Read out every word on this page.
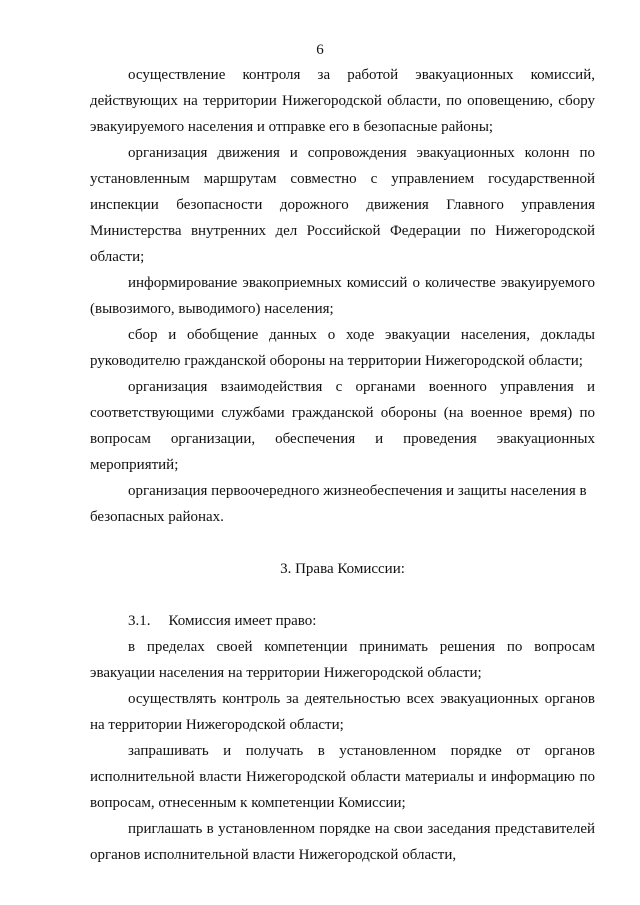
6

осуществление контроля за работой эвакуационных комиссий, действующих на территории Нижегородской области, по оповещению, сбору эвакуируемого населения и отправке его в безопасные районы;

организация движения и сопровождения эвакуационных колонн по установленным маршрутам совместно с управлением государственной инспекции безопасности дорожного движения Главного управления Министерства внутренних дел Российской Федерации по Нижегородской области;

информирование эвакоприемных комиссий о количестве эвакуируемого (вывозимого, выводимого) населения;

сбор и обобщение данных о ходе эвакуации населения, доклады руководителю гражданской обороны на территории Нижегородской области;

организация взаимодействия с органами военного управления и соответствующими службами гражданской обороны (на военное время) по вопросам организации, обеспечения и проведения эвакуационных мероприятий;

организация первоочередного жизнеобеспечения и защиты населения в безопасных районах.

3. Права Комиссии:

3.1. Комиссия имеет право:

в пределах своей компетенции принимать решения по вопросам эвакуации населения на территории Нижегородской области;

осуществлять контроль за деятельностью всех эвакуационных органов на территории Нижегородской области;

запрашивать и получать в установленном порядке от органов исполнительной власти Нижегородской области материалы и информацию по вопросам, отнесенным к компетенции Комиссии;

приглашать в установленном порядке на свои заседания представителей органов исполнительной власти Нижегородской области,
